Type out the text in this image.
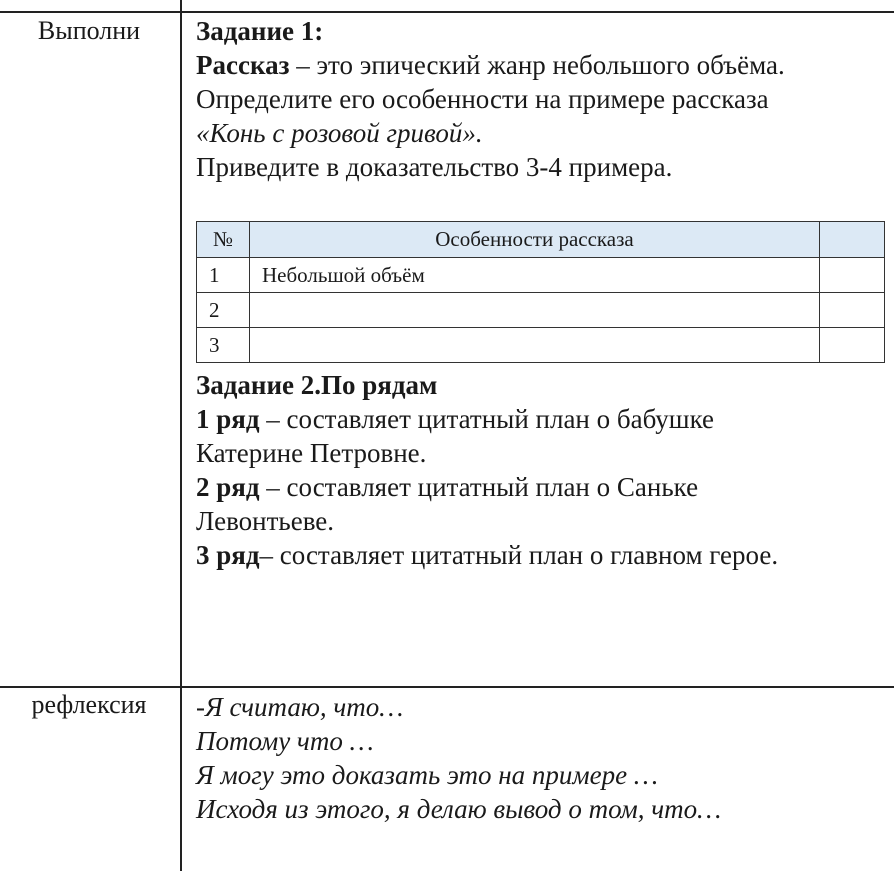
Выполни	Задание 1:

Рассказ – это эпический жанр небольшого объёма.

Определите его особенности на примере рассказа

«Конь с розовой гривой».

Приведите в доказательство 3-4 примера.

№	Особенности рассказа	
1	Небольшой объём	
2		
3		

Задание 2.По рядам

1 ряд – составляет цитатный план о бабушке

Катерине Петровне.

2 ряд – составляет цитатный план о Саньке

Левонтьеве.

3 ряд– составляет цитатный план о главном герое.

рефлексия	-Я считаю, что…

Потому что …

Я могу это доказать это на примере …

Исходя из этого, я делаю вывод о том, что…
